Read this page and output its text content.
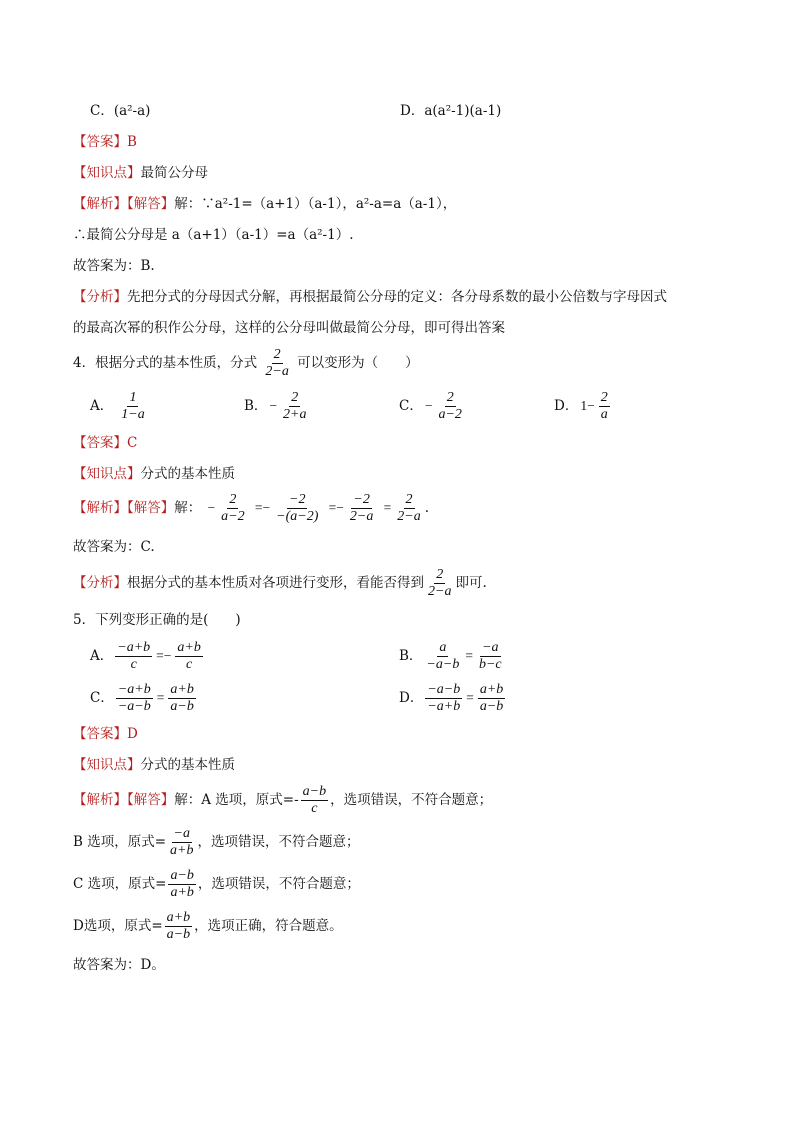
C．(a²-a)	D．a(a²-1)(a-1)
【答案】B
【知识点】最简公分母
【解析】【解答】解：∵a²-1=（a+1）（a-1），a²-a=a（a-1），
∴最简公分母是 a（a+1）（a-1）=a（a²-1）.
故答案为：B.
【分析】先把分式的分母因式分解，再根据最简公分母的定义：各分母系数的最小公倍数与字母因式
的最高次幂的积作公分母，这样的公分母叫做最简公分母，即可得出答案
4．根据分式的基本性质，分式 $\frac{2}{2-a}$ 可以变形为（　　）
A． $\frac{1}{1-a}$	B． − $\frac{2}{2+a}$	C． − $\frac{2}{a-2}$	D． $1- \frac{2}{a}$
【答案】C
【知识点】分式的基本性质
【解析】【解答】解： − $\frac{2}{a-2} =- \frac{-2}{-(a-2)} =- \frac{-2}{2-a} = \frac{2}{2-a}$ .
故答案为：C.
【分析】根据分式的基本性质对各项进行变形，看能否得到 $\frac{2}{2-a}$ 即可.
5．下列变形正确的是(　　)
A． $\frac{-a+b}{c} =- \frac{a+b}{c}$	B． $\frac{a}{-a-b} = \frac{-a}{b-c}$
C． $\frac{-a+b}{-a-b} = \frac{a+b}{a-b}$	D． $\frac{-a-b}{-a+b} = \frac{a+b}{a-b}$
【答案】D
【知识点】分式的基本性质
【解析】【解答】解：A 选项，原式=- $\frac{a-b}{c}$ ，选项错误，不符合题意；
B 选项，原式= $\frac{-a}{a+b}$ ，选项错误，不符合题意；
C 选项，原式= $\frac{a-b}{a+b}$ ，选项错误，不符合题意；
D选项，原式= $\frac{a+b}{a-b}$ ，选项正确，符合题意。
故答案为：D。
